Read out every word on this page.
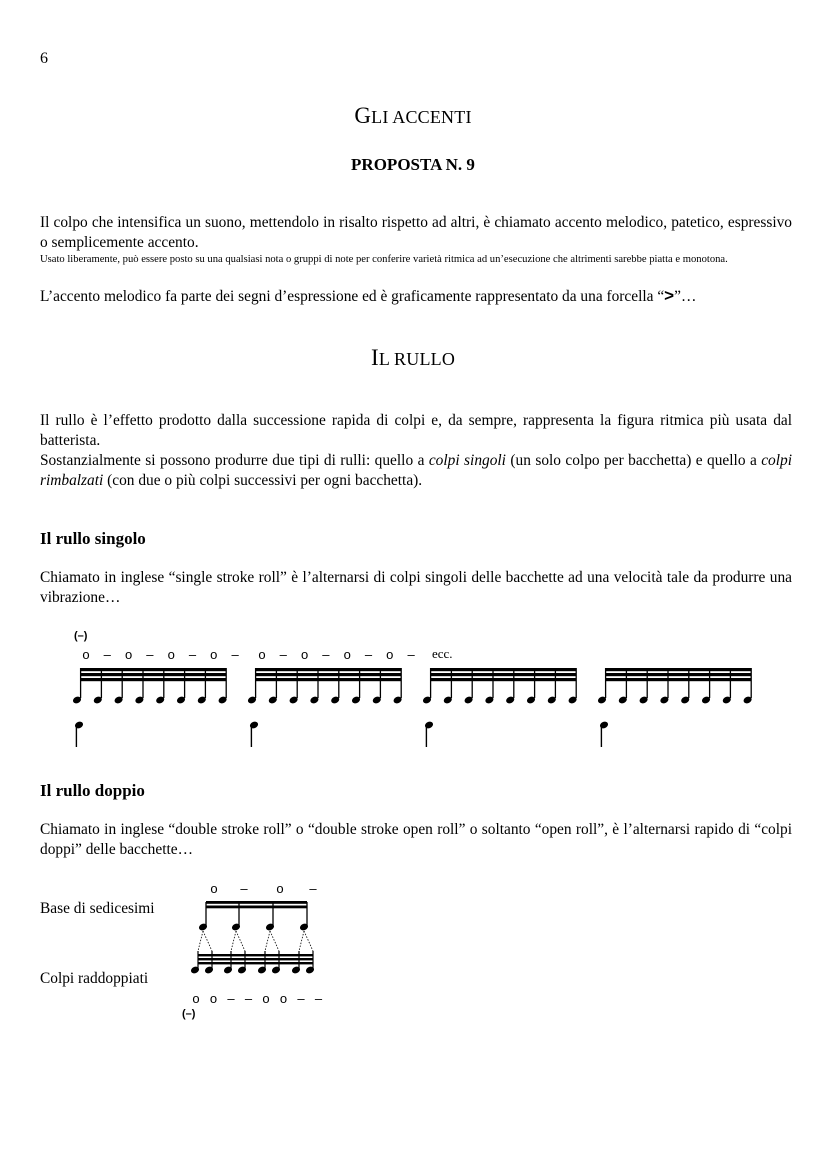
6
GLI ACCENTI
PROPOSTA N. 9
Il colpo che intensifica un suono, mettendolo in risalto rispetto ad altri, è chiamato accento melodico, patetico, espressivo o semplicemente accento.
Usato liberamente, può essere posto su una qualsiasi nota o gruppi di note per conferire varietà ritmica ad un’esecuzione che altrimenti sarebbe piatta e monotona.
L’accento melodico fa parte dei segni d’espressione ed è graficamente rappresentato da una forcella “>”…
IL RULLO
Il rullo è l’effetto prodotto dalla successione rapida di colpi e, da sempre, rappresenta la figura ritmica più usata dal batterista.
Sostanzialmente si possono produrre due tipi di rulli: quello a colpi singoli (un solo colpo per bacchetta) e quello a colpi rimbalzati (con due o più colpi successivi per ogni bacchetta).
Il rullo singolo
Chiamato in inglese “single stroke roll” è l’alternarsi di colpi singoli delle bacchette ad una velocità tale da produrre una vibrazione…
(–)
o – o – o – o – o – o – o – o – ecc.
Il rullo doppio
Chiamato in inglese “double stroke roll” o “double stroke open roll” o soltanto “open roll”, è l’alternarsi rapido di “colpi doppi” delle bacchette…
Base di sedicesimi
Colpi raddoppiati
o – o –
o o – – o o – –
(–)
